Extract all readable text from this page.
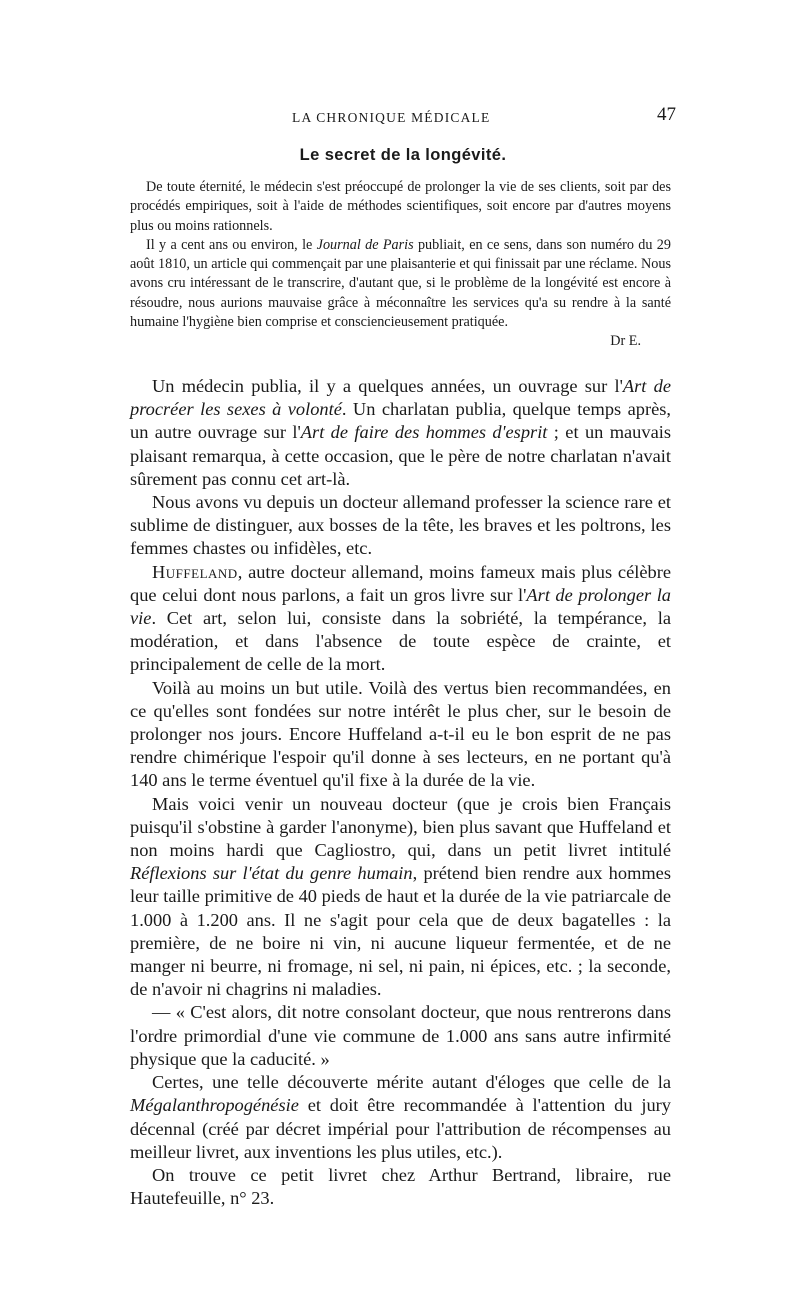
LA CHRONIQUE MÉDICALE	47
Le secret de la longévité.

De toute éternité, le médecin s'est préoccupé de prolonger la vie de ses clients, soit par des procédés empiriques, soit à l'aide de méthodes scientifiques, soit encore par d'autres moyens plus ou moins rationnels.

Il y a cent ans ou environ, le Journal de Paris publiait, en ce sens, dans son numéro du 29 août 1810, un article qui commençait par une plaisanterie et qui finissait par une réclame. Nous avons cru intéressant de le transcrire, d'autant que, si le problème de la longévité est encore à résoudre, nous aurions mauvaise grâce à méconnaître les services qu'a su rendre à la santé humaine l'hygiène bien comprise et consciencieusement pratiquée.

Dr E.

Un médecin publia, il y a quelques années, un ouvrage sur l'Art de procréer les sexes à volonté. Un charlatan publia, quelque temps après, un autre ouvrage sur l'Art de faire des hommes d'esprit ; et un mauvais plaisant remarqua, à cette occasion, que le père de notre charlatan n'avait sûrement pas connu cet art-là.

Nous avons vu depuis un docteur allemand professer la science rare et sublime de distinguer, aux bosses de la tête, les braves et les poltrons, les femmes chastes ou infidèles, etc.

Huffeland, autre docteur allemand, moins fameux mais plus célèbre que celui dont nous parlons, a fait un gros livre sur l'Art de prolonger la vie. Cet art, selon lui, consiste dans la sobriété, la tempérance, la modération, et dans l'absence de toute espèce de crainte, et principalement de celle de la mort.

Voilà au moins un but utile. Voilà des vertus bien recommandées, en ce qu'elles sont fondées sur notre intérêt le plus cher, sur le besoin de prolonger nos jours. Encore Huffeland a-t-il eu le bon esprit de ne pas rendre chimérique l'espoir qu'il donne à ses lecteurs, en ne portant qu'à 140 ans le terme éventuel qu'il fixe à la durée de la vie.

Mais voici venir un nouveau docteur (que je crois bien Français puisqu'il s'obstine à garder l'anonyme), bien plus savant que Huffeland et non moins hardi que Cagliostro, qui, dans un petit livret intitulé Réflexions sur l'état du genre humain, prétend bien rendre aux hommes leur taille primitive de 40 pieds de haut et la durée de la vie patriarcale de 1.000 à 1.200 ans. Il ne s'agit pour cela que de deux bagatelles : la première, de ne boire ni vin, ni aucune liqueur fermentée, et de ne manger ni beurre, ni fromage, ni sel, ni pain, ni épices, etc. ; la seconde, de n'avoir ni chagrins ni maladies.

— « C'est alors, dit notre consolant docteur, que nous rentrerons dans l'ordre primordial d'une vie commune de 1.000 ans sans autre infirmité physique que la caducité. »

Certes, une telle découverte mérite autant d'éloges que celle de la Mégalanthropogénésie et doit être recommandée à l'attention du jury décennal (créé par décret impérial pour l'attribution de récompenses au meilleur livret, aux inventions les plus utiles, etc.).

On trouve ce petit livret chez Arthur Bertrand, libraire, rue Hautefeuille, n° 23.
